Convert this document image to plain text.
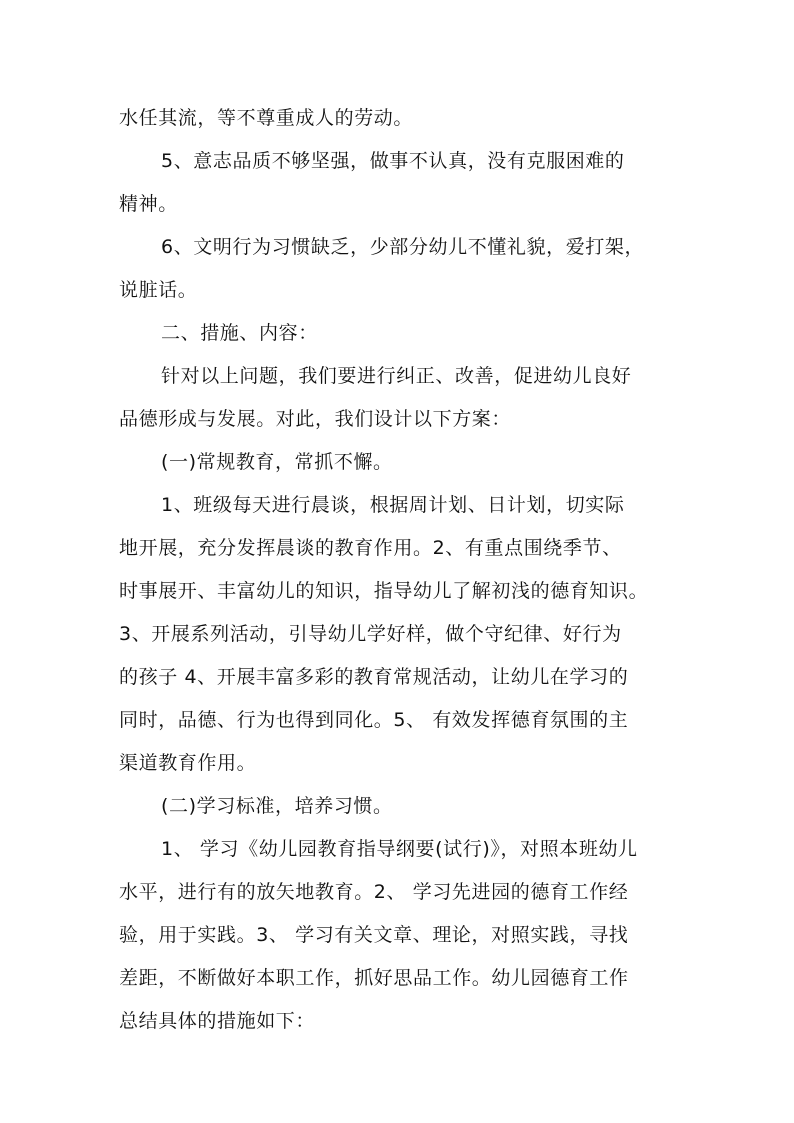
水任其流，等不尊重成人的劳动。
5、意志品质不够坚强，做事不认真，没有克服困难的
精神。
6、文明行为习惯缺乏，少部分幼儿不懂礼貌，爱打架，
说脏话。
二、措施、内容：
针对以上问题，我们要进行纠正、改善，促进幼儿良好
品德形成与发展。对此，我们设计以下方案：
(一)常规教育，常抓不懈。
1、班级每天进行晨谈，根据周计划、日计划，切实际
地开展，充分发挥晨谈的教育作用。2、有重点围绕季节、
时事展开、丰富幼儿的知识，指导幼儿了解初浅的德育知识。
3、开展系列活动，引导幼儿学好样，做个守纪律、好行为
的孩子 4、开展丰富多彩的教育常规活动，让幼儿在学习的
同时，品德、行为也得到同化。5、 有效发挥德育氛围的主
渠道教育作用。
(二)学习标准，培养习惯。
1、 学习《幼儿园教育指导纲要(试行)》，对照本班幼儿
水平，进行有的放矢地教育。2、 学习先进园的德育工作经
验，用于实践。3、 学习有关文章、理论，对照实践，寻找
差距，不断做好本职工作，抓好思品工作。幼儿园德育工作
总结具体的措施如下：
